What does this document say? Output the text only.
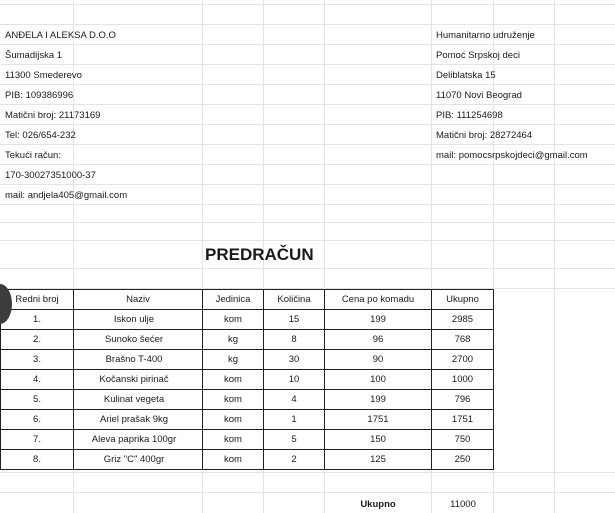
ANĐELA I ALEKSA D.O.O
Šumadijska 1
11300 Smederevo
PIB: 109386996
Matični broj: 21173169
Tel: 026/654-232
Tekući račun:
170-30027351000-37
mail: andjela405@gmail.com
Humanitarno udruženje
Pomoć Srpskoj deci
Deliblatska 15
11070 Novi Beograd
PIB: 111254698
Matični broj: 28272464
mail: pomocsrpskojdeci@gmail.com
PREDRAČUN
Redni broj	Naziv	Jedinica	Količina	Cena po komadu	Ukupno
1.	Iskon ulje	kom	15	199	2985
2.	Sunoko šećer	kg	8	96	768
3.	Brašno T-400	kg	30	90	2700
4.	Kočanski pirinač	kom	10	100	1000
5.	Kulinat vegeta	kom	4	199	796
6.	Ariel prašak 9kg	kom	1	1751	1751
7.	Aleva paprika 100gr	kom	5	150	750
8.	Griz "C" 400gr	kom	2	125	250
Ukupno	11000
